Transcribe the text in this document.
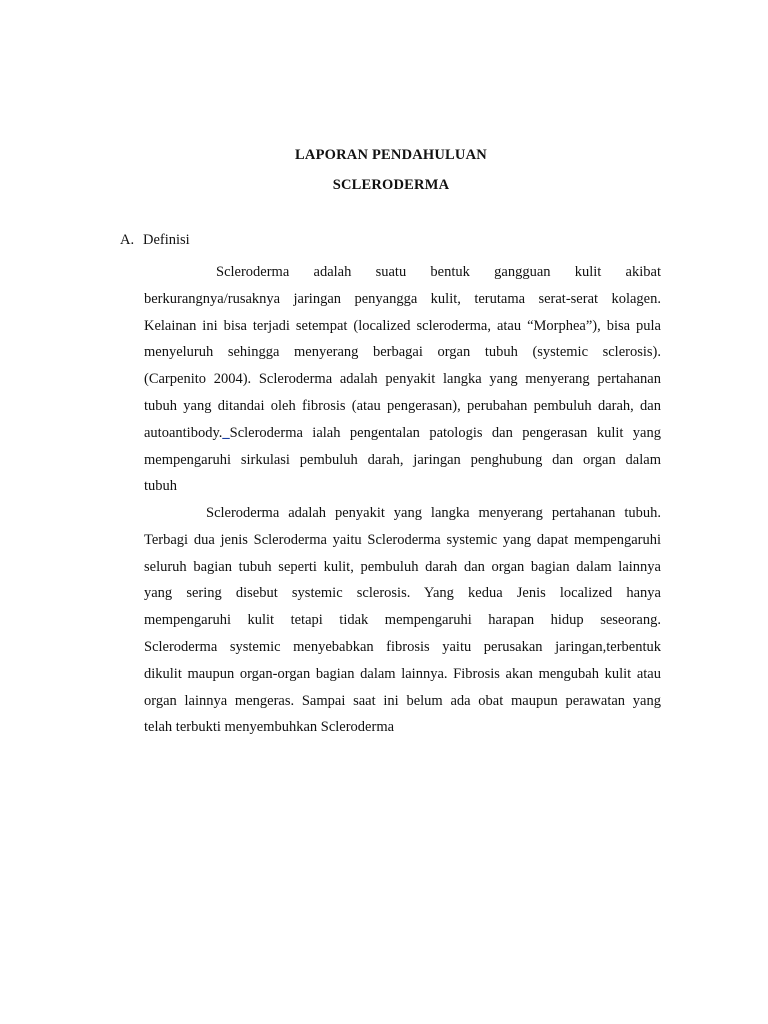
LAPORAN PENDAHULUAN
SCLERODERMA
A. Definisi
Scleroderma adalah suatu bentuk gangguan kulit akibat
berkurangnya/rusaknya jaringan penyangga kulit, terutama serat-serat kolagen.
Kelainan ini bisa terjadi setempat (localized scleroderma, atau “Morphea”), bisa pula
menyeluruh sehingga menyerang berbagai organ tubuh (systemic sclerosis).
(Carpenito 2004). Scleroderma adalah penyakit langka yang menyerang pertahanan
tubuh yang ditandai oleh fibrosis (atau pengerasan), perubahan pembuluh darah, dan
autoantibody._Scleroderma ialah pengentalan patologis dan pengerasan kulit yang
mempengaruhi sirkulasi pembuluh darah, jaringan penghubung dan organ dalam
tubuh
Scleroderma adalah penyakit yang langka menyerang pertahanan tubuh.
Terbagi dua jenis Scleroderma yaitu Scleroderma systemic yang dapat mempengaruhi
seluruh bagian tubuh seperti kulit, pembuluh darah dan organ bagian dalam lainnya
yang sering disebut systemic sclerosis. Yang kedua Jenis localized hanya
mempengaruhi kulit tetapi tidak mempengaruhi harapan hidup seseorang.
Scleroderma systemic menyebabkan fibrosis yaitu perusakan jaringan,terbentuk
dikulit maupun organ-organ bagian dalam lainnya. Fibrosis akan mengubah kulit atau
organ lainnya mengeras. Sampai saat ini belum ada obat maupun perawatan yang
telah terbukti menyembuhkan Scleroderma
